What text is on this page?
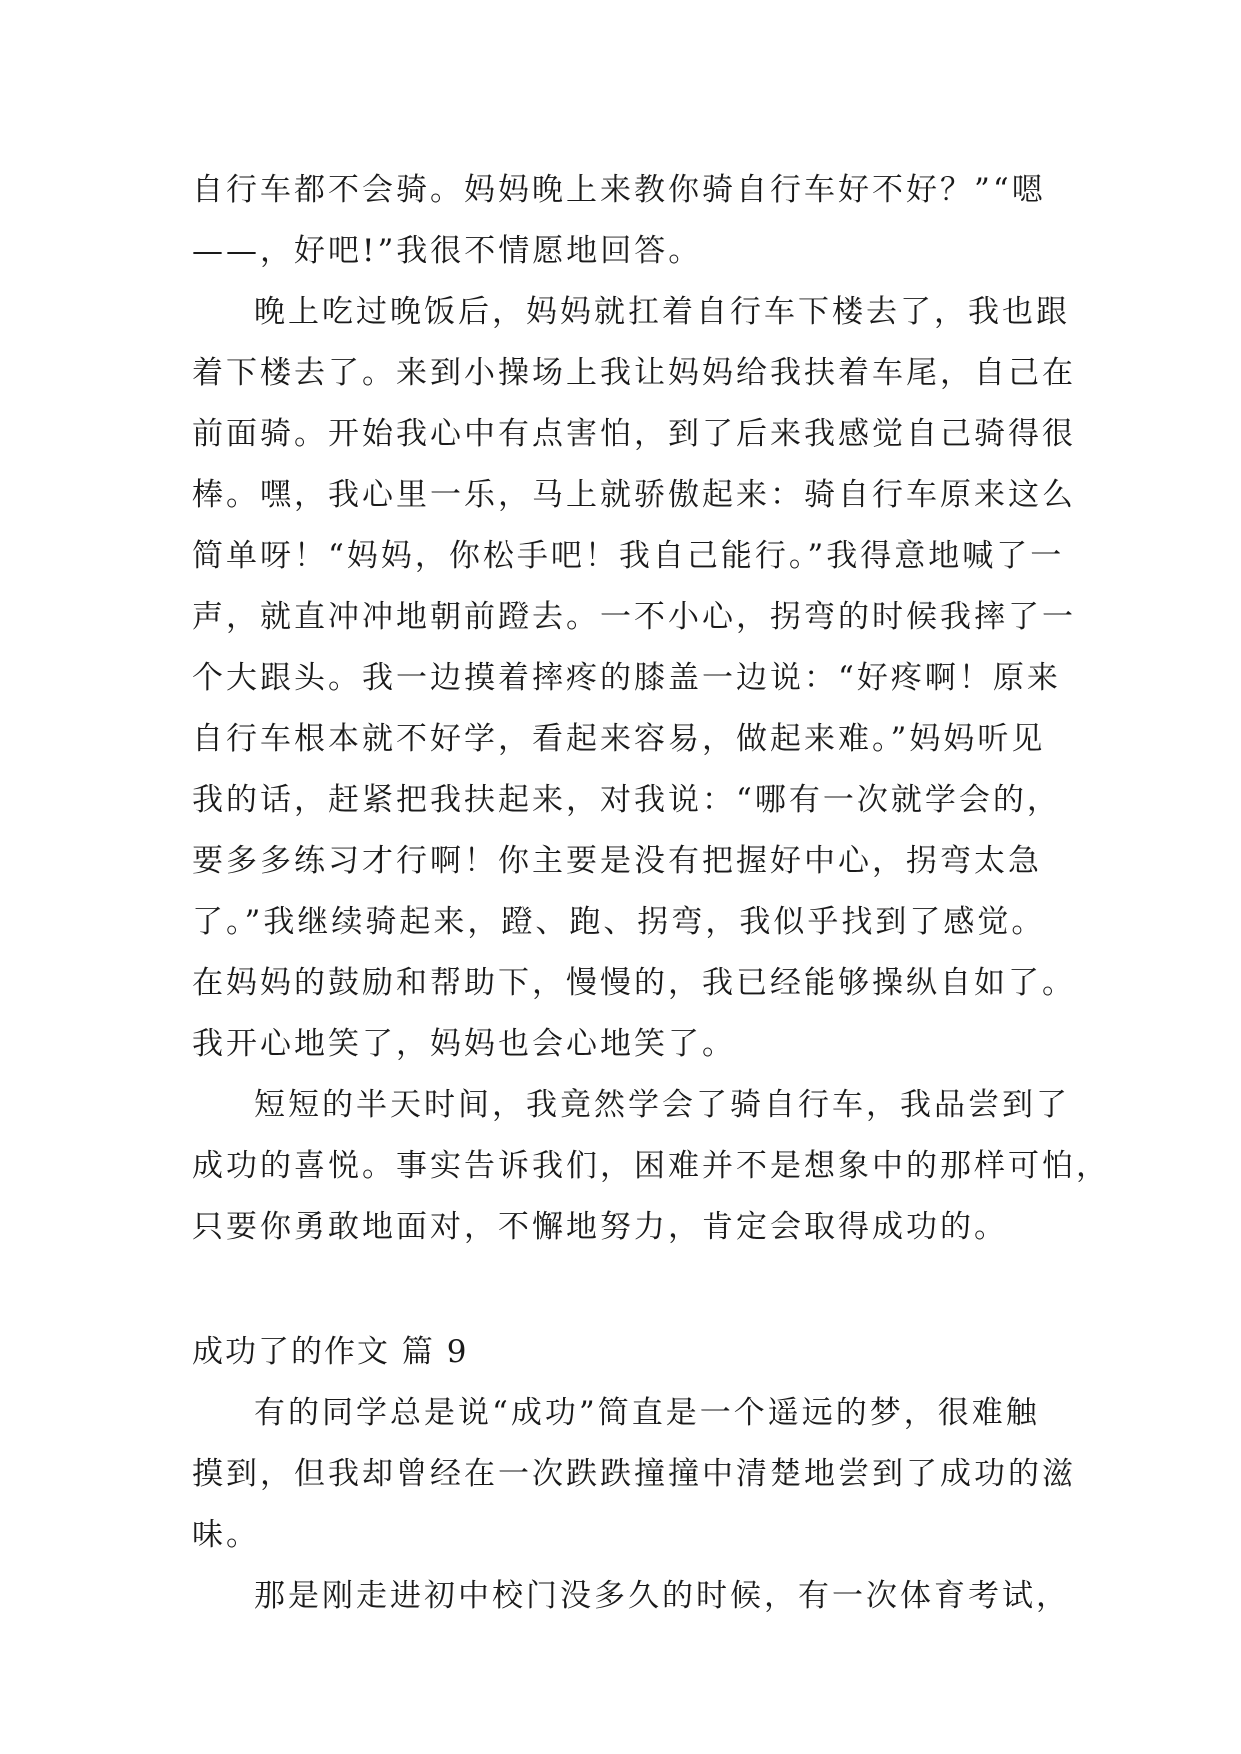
自行车都不会骑。妈妈晚上来教你骑自行车好不好？”“嗯
——，好吧!”我很不情愿地回答。
晚上吃过晚饭后，妈妈就扛着自行车下楼去了，我也跟
着下楼去了。来到小操场上我让妈妈给我扶着车尾，自己在
前面骑。开始我心中有点害怕，到了后来我感觉自己骑得很
棒。嘿，我心里一乐，马上就骄傲起来：骑自行车原来这么
简单呀！“妈妈，你松手吧！我自己能行。”我得意地喊了一
声，就直冲冲地朝前蹬去。一不小心，拐弯的时候我摔了一
个大跟头。我一边摸着摔疼的膝盖一边说：“好疼啊！原来
自行车根本就不好学，看起来容易，做起来难。”妈妈听见
我的话，赶紧把我扶起来，对我说：“哪有一次就学会的，
要多多练习才行啊！你主要是没有把握好中心，拐弯太急
了。”我继续骑起来，蹬、跑、拐弯，我似乎找到了感觉。
在妈妈的鼓励和帮助下，慢慢的，我已经能够操纵自如了。
我开心地笑了，妈妈也会心地笑了。
短短的半天时间，我竟然学会了骑自行车，我品尝到了
成功的喜悦。事实告诉我们，困难并不是想象中的那样可怕，
只要你勇敢地面对，不懈地努力，肯定会取得成功的。
成功了的作文 篇 9
有的同学总是说“成功”简直是一个遥远的梦，很难触
摸到，但我却曾经在一次跌跌撞撞中清楚地尝到了成功的滋
味。
那是刚走进初中校门没多久的时候，有一次体育考试，
